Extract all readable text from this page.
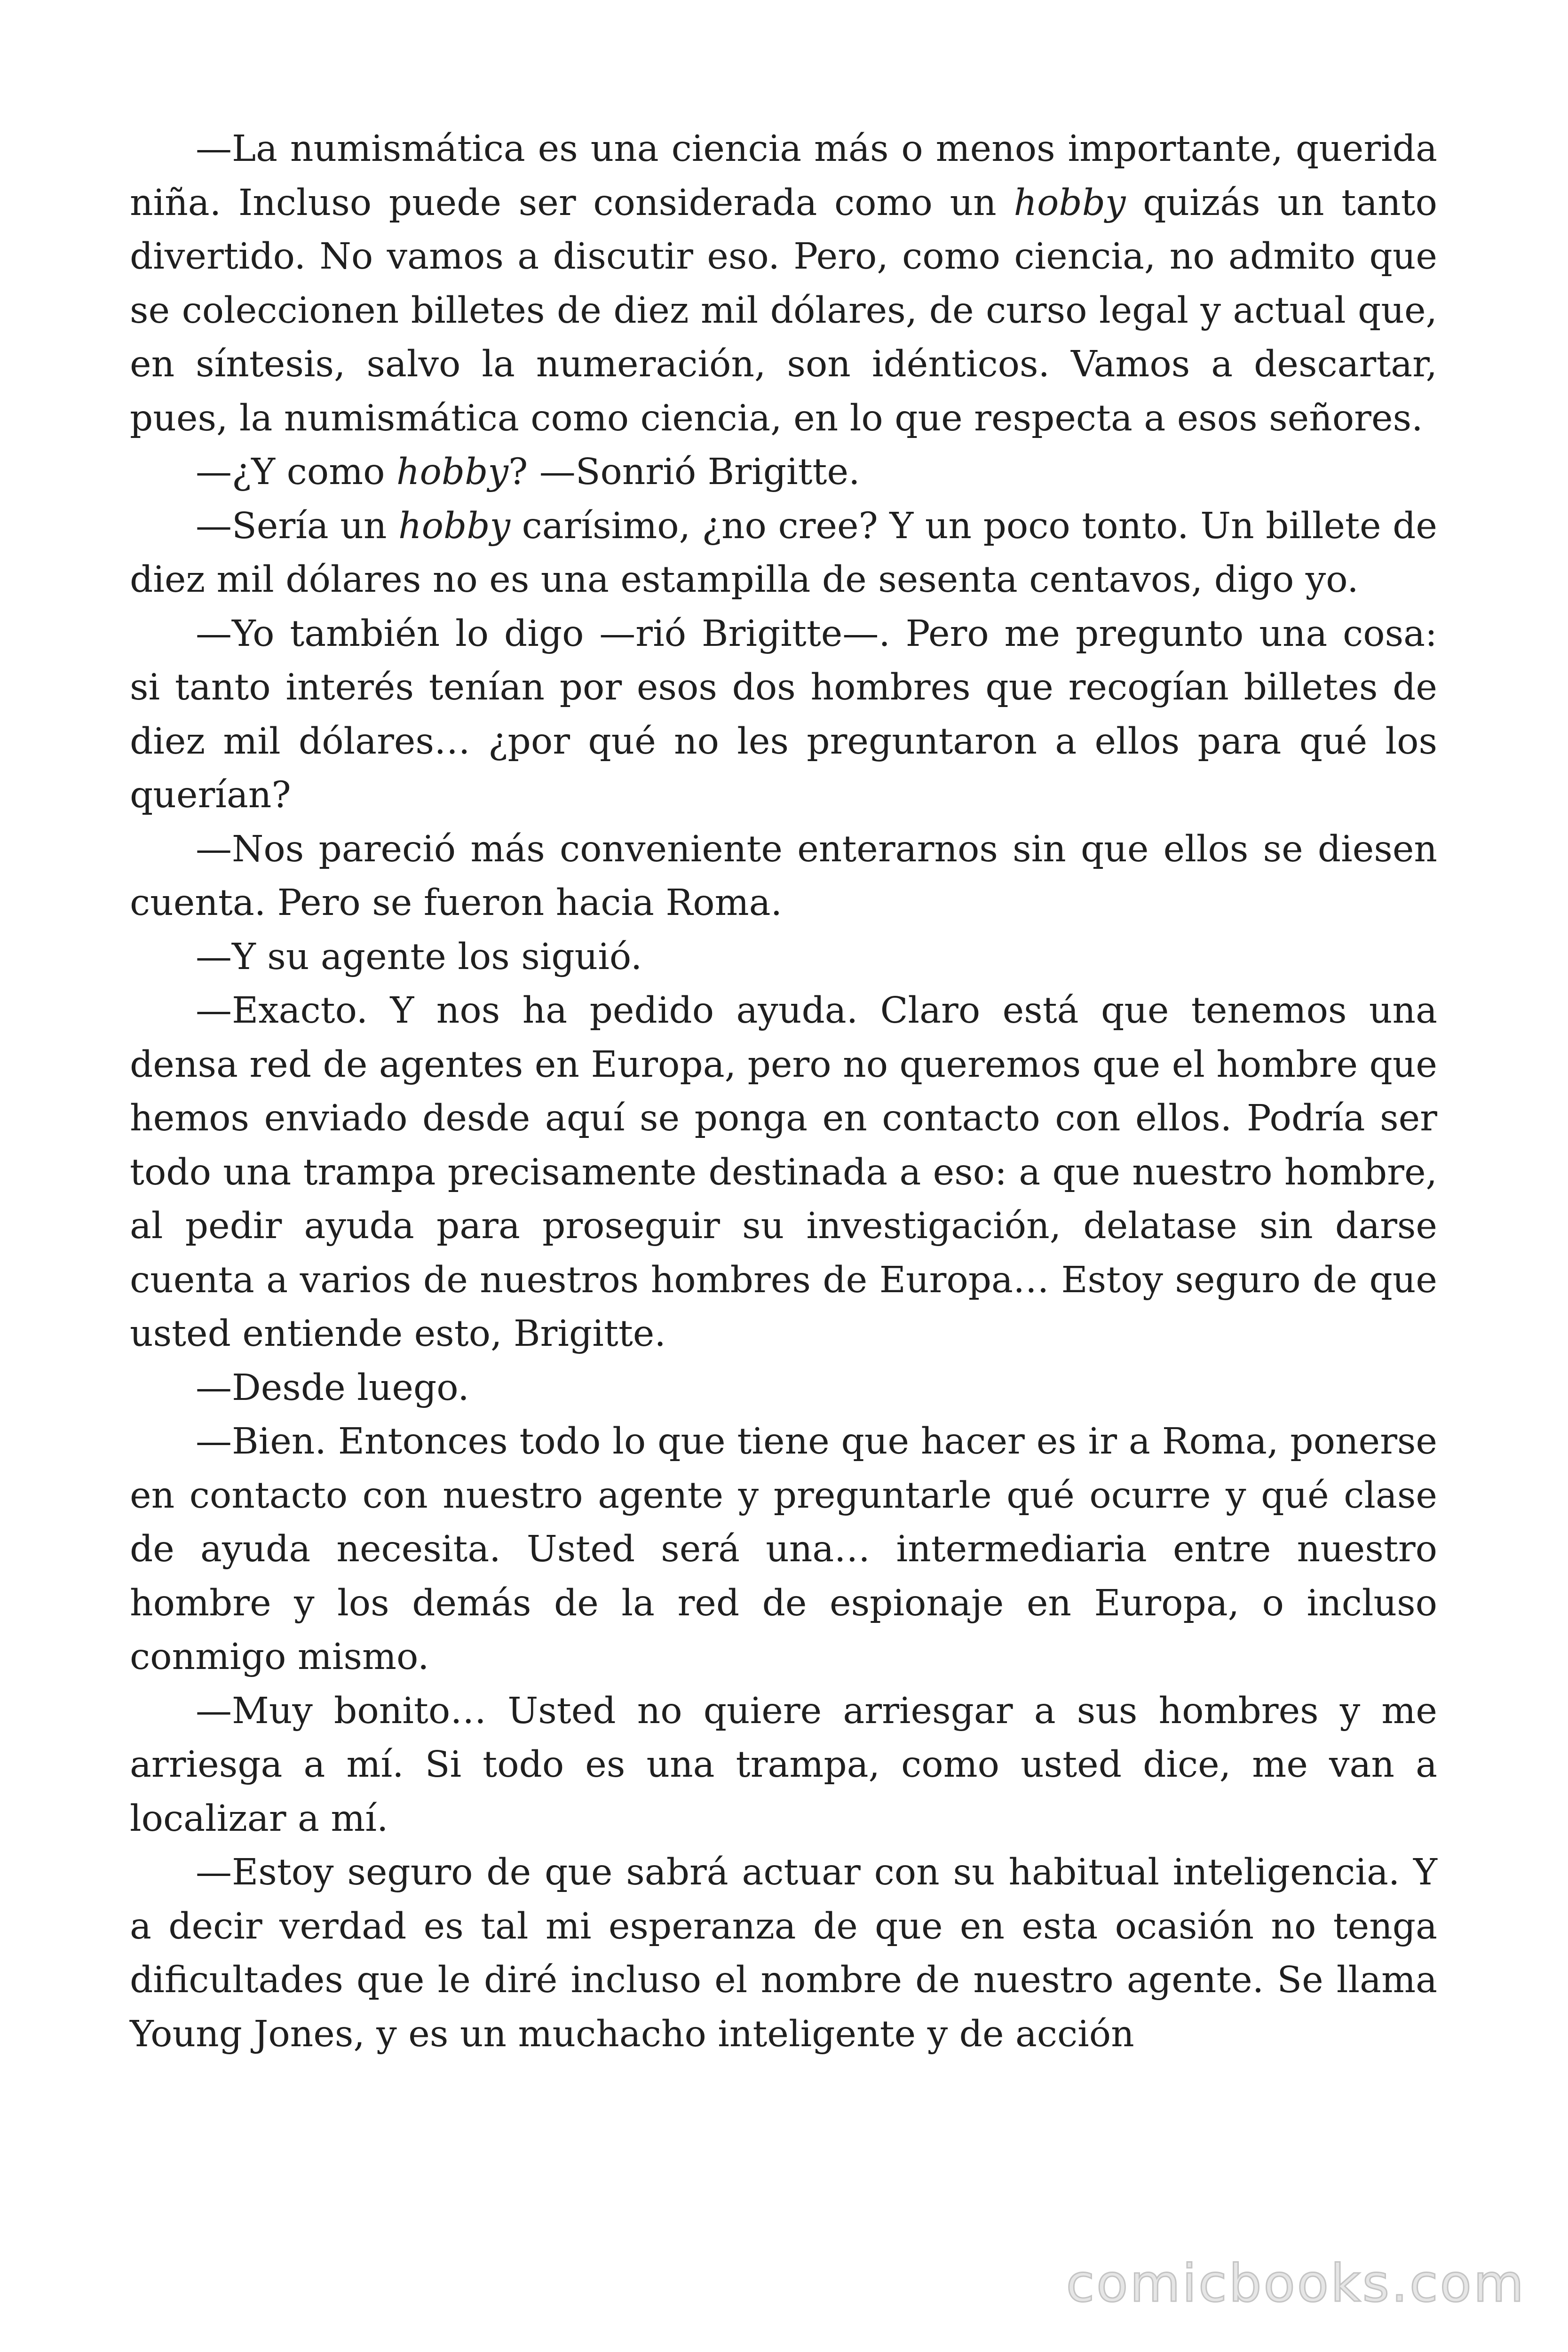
—La numismática es una ciencia más o menos importante, querida niña. Incluso puede ser considerada como un hobby quizás un tanto divertido. No vamos a discutir eso. Pero, como ciencia, no admito que se coleccionen billetes de diez mil dólares, de curso legal y actual que, en síntesis, salvo la numeración, son idénticos. Vamos a descartar, pues, la numismática como ciencia, en lo que respecta a esos señores.

—¿Y como hobby? —Sonrió Brigitte.

—Sería un hobby carísimo, ¿no cree? Y un poco tonto. Un billete de diez mil dólares no es una estampilla de sesenta centavos, digo yo.

—Yo también lo digo —rió Brigitte—. Pero me pregunto una cosa: si tanto interés tenían por esos dos hombres que recogían billetes de diez mil dólares… ¿por qué no les preguntaron a ellos para qué los querían?

—Nos pareció más conveniente enterarnos sin que ellos se diesen cuenta. Pero se fueron hacia Roma.

—Y su agente los siguió.

—Exacto. Y nos ha pedido ayuda. Claro está que tenemos una densa red de agentes en Europa, pero no queremos que el hombre que hemos enviado desde aquí se ponga en contacto con ellos. Podría ser todo una trampa precisamente destinada a eso: a que nuestro hombre, al pedir ayuda para proseguir su investigación, delatase sin darse cuenta a varios de nuestros hombres de Europa… Estoy seguro de que usted entiende esto, Brigitte.

—Desde luego.

—Bien. Entonces todo lo que tiene que hacer es ir a Roma, ponerse en contacto con nuestro agente y preguntarle qué ocurre y qué clase de ayuda necesita. Usted será una… intermediaria entre nuestro hombre y los demás de la red de espionaje en Europa, o incluso conmigo mismo.

—Muy bonito… Usted no quiere arriesgar a sus hombres y me arriesga a mí. Si todo es una trampa, como usted dice, me van a localizar a mí.

—Estoy seguro de que sabrá actuar con su habitual inteligencia. Y a decir verdad es tal mi esperanza de que en esta ocasión no tenga dificultades que le diré incluso el nombre de nuestro agente. Se llama Young Jones, y es un muchacho inteligente y de acción

comicbooks.com
